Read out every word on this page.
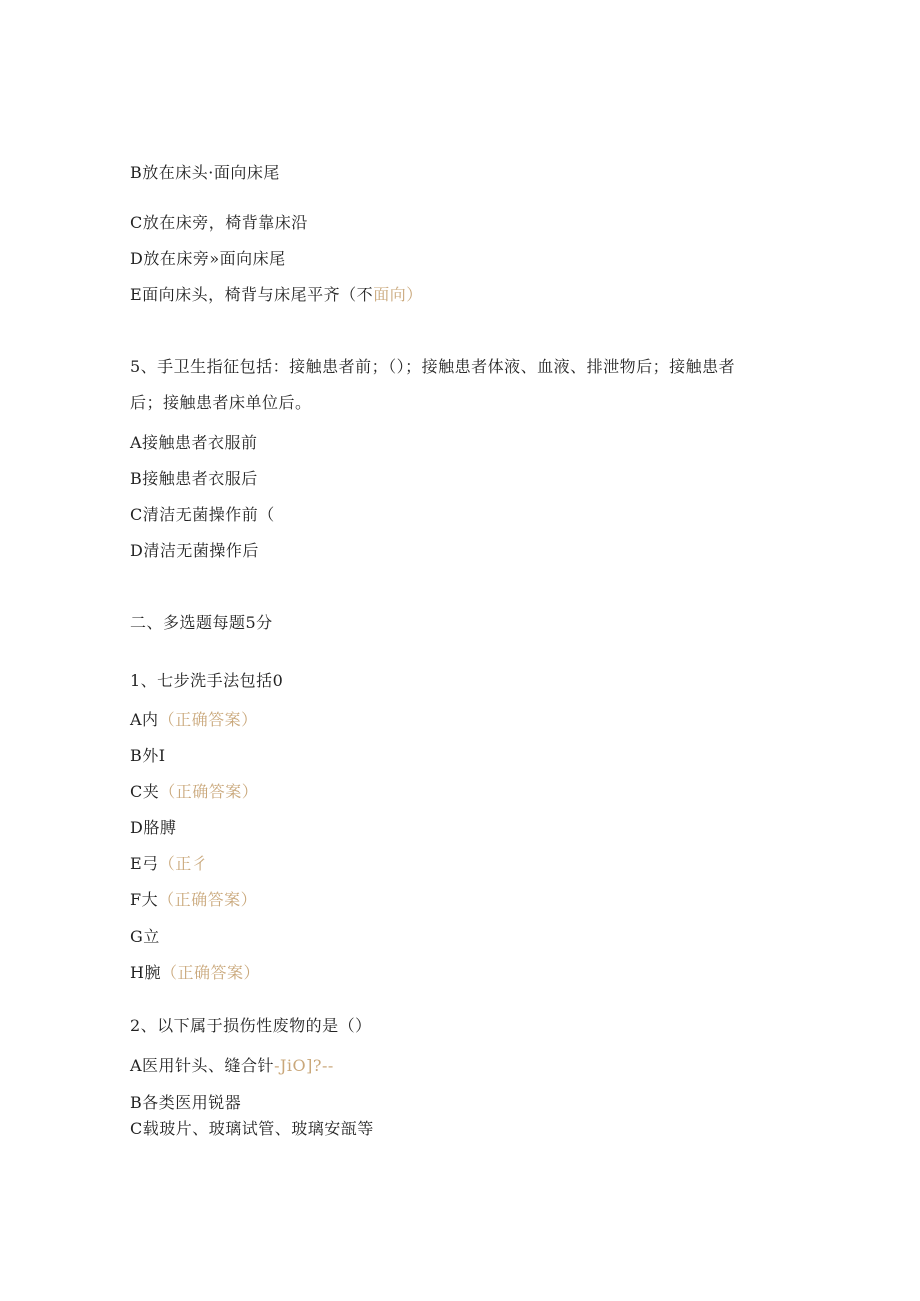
B放在床头·面向床尾
C放在床旁，椅背靠床沿
D放在床旁»面向床尾
E面向床头，椅背与床尾平齐（不面向）
5、手卫生指征包括：接触患者前；（）；接触患者体液、血液、排泄物后；接触患者
后；接触患者床单位后。
A接触患者衣服前
B接触患者衣服后
C清洁无菌操作前（
D清洁无菌操作后
二、多选题每题5分
1、七步洗手法包括0
A内（正确答案）
B外I
C夹（正确答案）
D胳膊
E弓（正彳
F大（正确答案）
G立
H腕（正确答案）
2、以下属于损伤性废物的是（）
A医用针头、缝合针-JiO]?--
B各类医用锐器
C载玻片、玻璃试管、玻璃安瓿等
